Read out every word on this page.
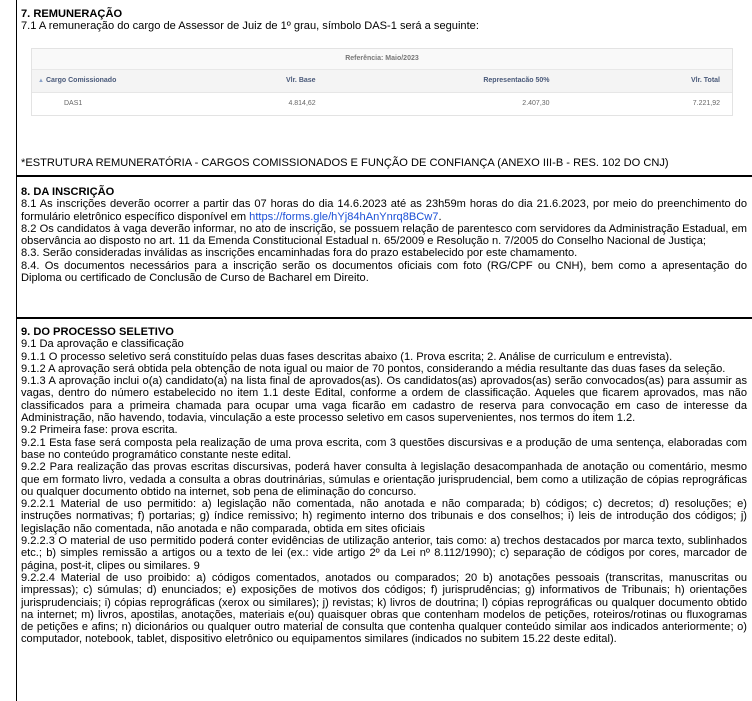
7. REMUNERAÇÃO

7.1 A remuneração do cargo de Assessor de Juiz de 1º grau, símbolo DAS-1 será a seguinte:

Referência: Maio/2023
▲ Cargo Comissionado	Vlr. Base	Representacão 50%	Vlr. Total
DAS1	4.814,62	2.407,30	7.221,92

*ESTRUTURA REMUNERATÓRIA - CARGOS COMISSIONADOS E FUNÇÃO DE CONFIANÇA (ANEXO III-B - RES. 102 DO CNJ)

8. DA INSCRIÇÃO

8.1 As inscrições deverão ocorrer a partir das 07 horas do dia 14.6.2023 até as 23h59m horas do dia 21.6.2023, por meio do preenchimento do formulário eletrônico específico disponível em https://forms.gle/hYj84hAnYnrq8BCw7.

8.2 Os candidatos à vaga deverão informar, no ato de inscrição, se possuem relação de parentesco com servidores da Administração Estadual, em observância ao disposto no art. 11 da Emenda Constitucional Estadual n. 65/2009 e Resolução n. 7/2005 do Conselho Nacional de Justiça;

8.3. Serão consideradas inválidas as inscrições encaminhadas fora do prazo estabelecido por este chamamento.

8.4. Os documentos necessários para a inscrição serão os documentos oficiais com foto (RG/CPF ou CNH), bem como a apresentação do Diploma ou certificado de Conclusão de Curso de Bacharel em Direito.

9. DO PROCESSO SELETIVO

9.1 Da aprovação e classificação

9.1.1 O processo seletivo será constituído pelas duas fases descritas abaixo (1. Prova escrita; 2. Análise de curriculum e entrevista).

9.1.2 A aprovação será obtida pela obtenção de nota igual ou maior de 70 pontos, considerando a média resultante das duas fases da seleção.

9.1.3 A aprovação inclui o(a) candidato(a) na lista final de aprovados(as). Os candidatos(as) aprovados(as) serão convocados(as) para assumir as vagas, dentro do número estabelecido no item 1.1 deste Edital, conforme a ordem de classificação. Aqueles que ficarem aprovados, mas não classificados para a primeira chamada para ocupar uma vaga ficarão em cadastro de reserva para convocação em caso de interesse da Administração, não havendo, todavia, vinculação a este processo seletivo em casos supervenientes, nos termos do item 1.2.

9.2 Primeira fase: prova escrita.

9.2.1 Esta fase será composta pela realização de uma prova escrita, com 3 questões discursivas e a produção de uma sentença, elaboradas com base no conteúdo programático constante neste edital.

9.2.2 Para realização das provas escritas discursivas, poderá haver consulta à legislação desacompanhada de anotação ou comentário, mesmo que em formato livro, vedada a consulta a obras doutrinárias, súmulas e orientação jurisprudencial, bem como a utilização de cópias reprográficas ou qualquer documento obtido na internet, sob pena de eliminação do concurso.

9.2.2.1 Material de uso permitido: a) legislação não comentada, não anotada e não comparada; b) códigos; c) decretos; d) resoluções; e) instruções normativas; f) portarias; g) índice remissivo; h) regimento interno dos tribunais e dos conselhos; i) leis de introdução dos códigos; j) legislação não comentada, não anotada e não comparada, obtida em sites oficiais

9.2.2.3 O material de uso permitido poderá conter evidências de utilização anterior, tais como: a) trechos destacados por marca texto, sublinhados etc.; b) simples remissão a artigos ou a texto de lei (ex.: vide artigo 2º da Lei nº 8.112/1990); c) separação de códigos por cores, marcador de página, post-it, clipes ou similares. 9

9.2.2.4 Material de uso proibido: a) códigos comentados, anotados ou comparados; 20 b) anotações pessoais (transcritas, manuscritas ou impressas); c) súmulas; d) enunciados; e) exposições de motivos dos códigos; f) jurisprudências; g) informativos de Tribunais; h) orientações jurisprudenciais; i) cópias reprográficas (xerox ou similares); j) revistas; k) livros de doutrina; l) cópias reprográficas ou qualquer documento obtido na internet; m) livros, apostilas, anotações, materiais e(ou) quaisquer obras que contenham modelos de petições, roteiros/rotinas ou fluxogramas de petições e afins; n) dicionários ou qualquer outro material de consulta que contenha qualquer conteúdo similar aos indicados anteriormente; o) computador, notebook, tablet, dispositivo eletrônico ou equipamentos similares (indicados no subitem 15.22 deste edital).
